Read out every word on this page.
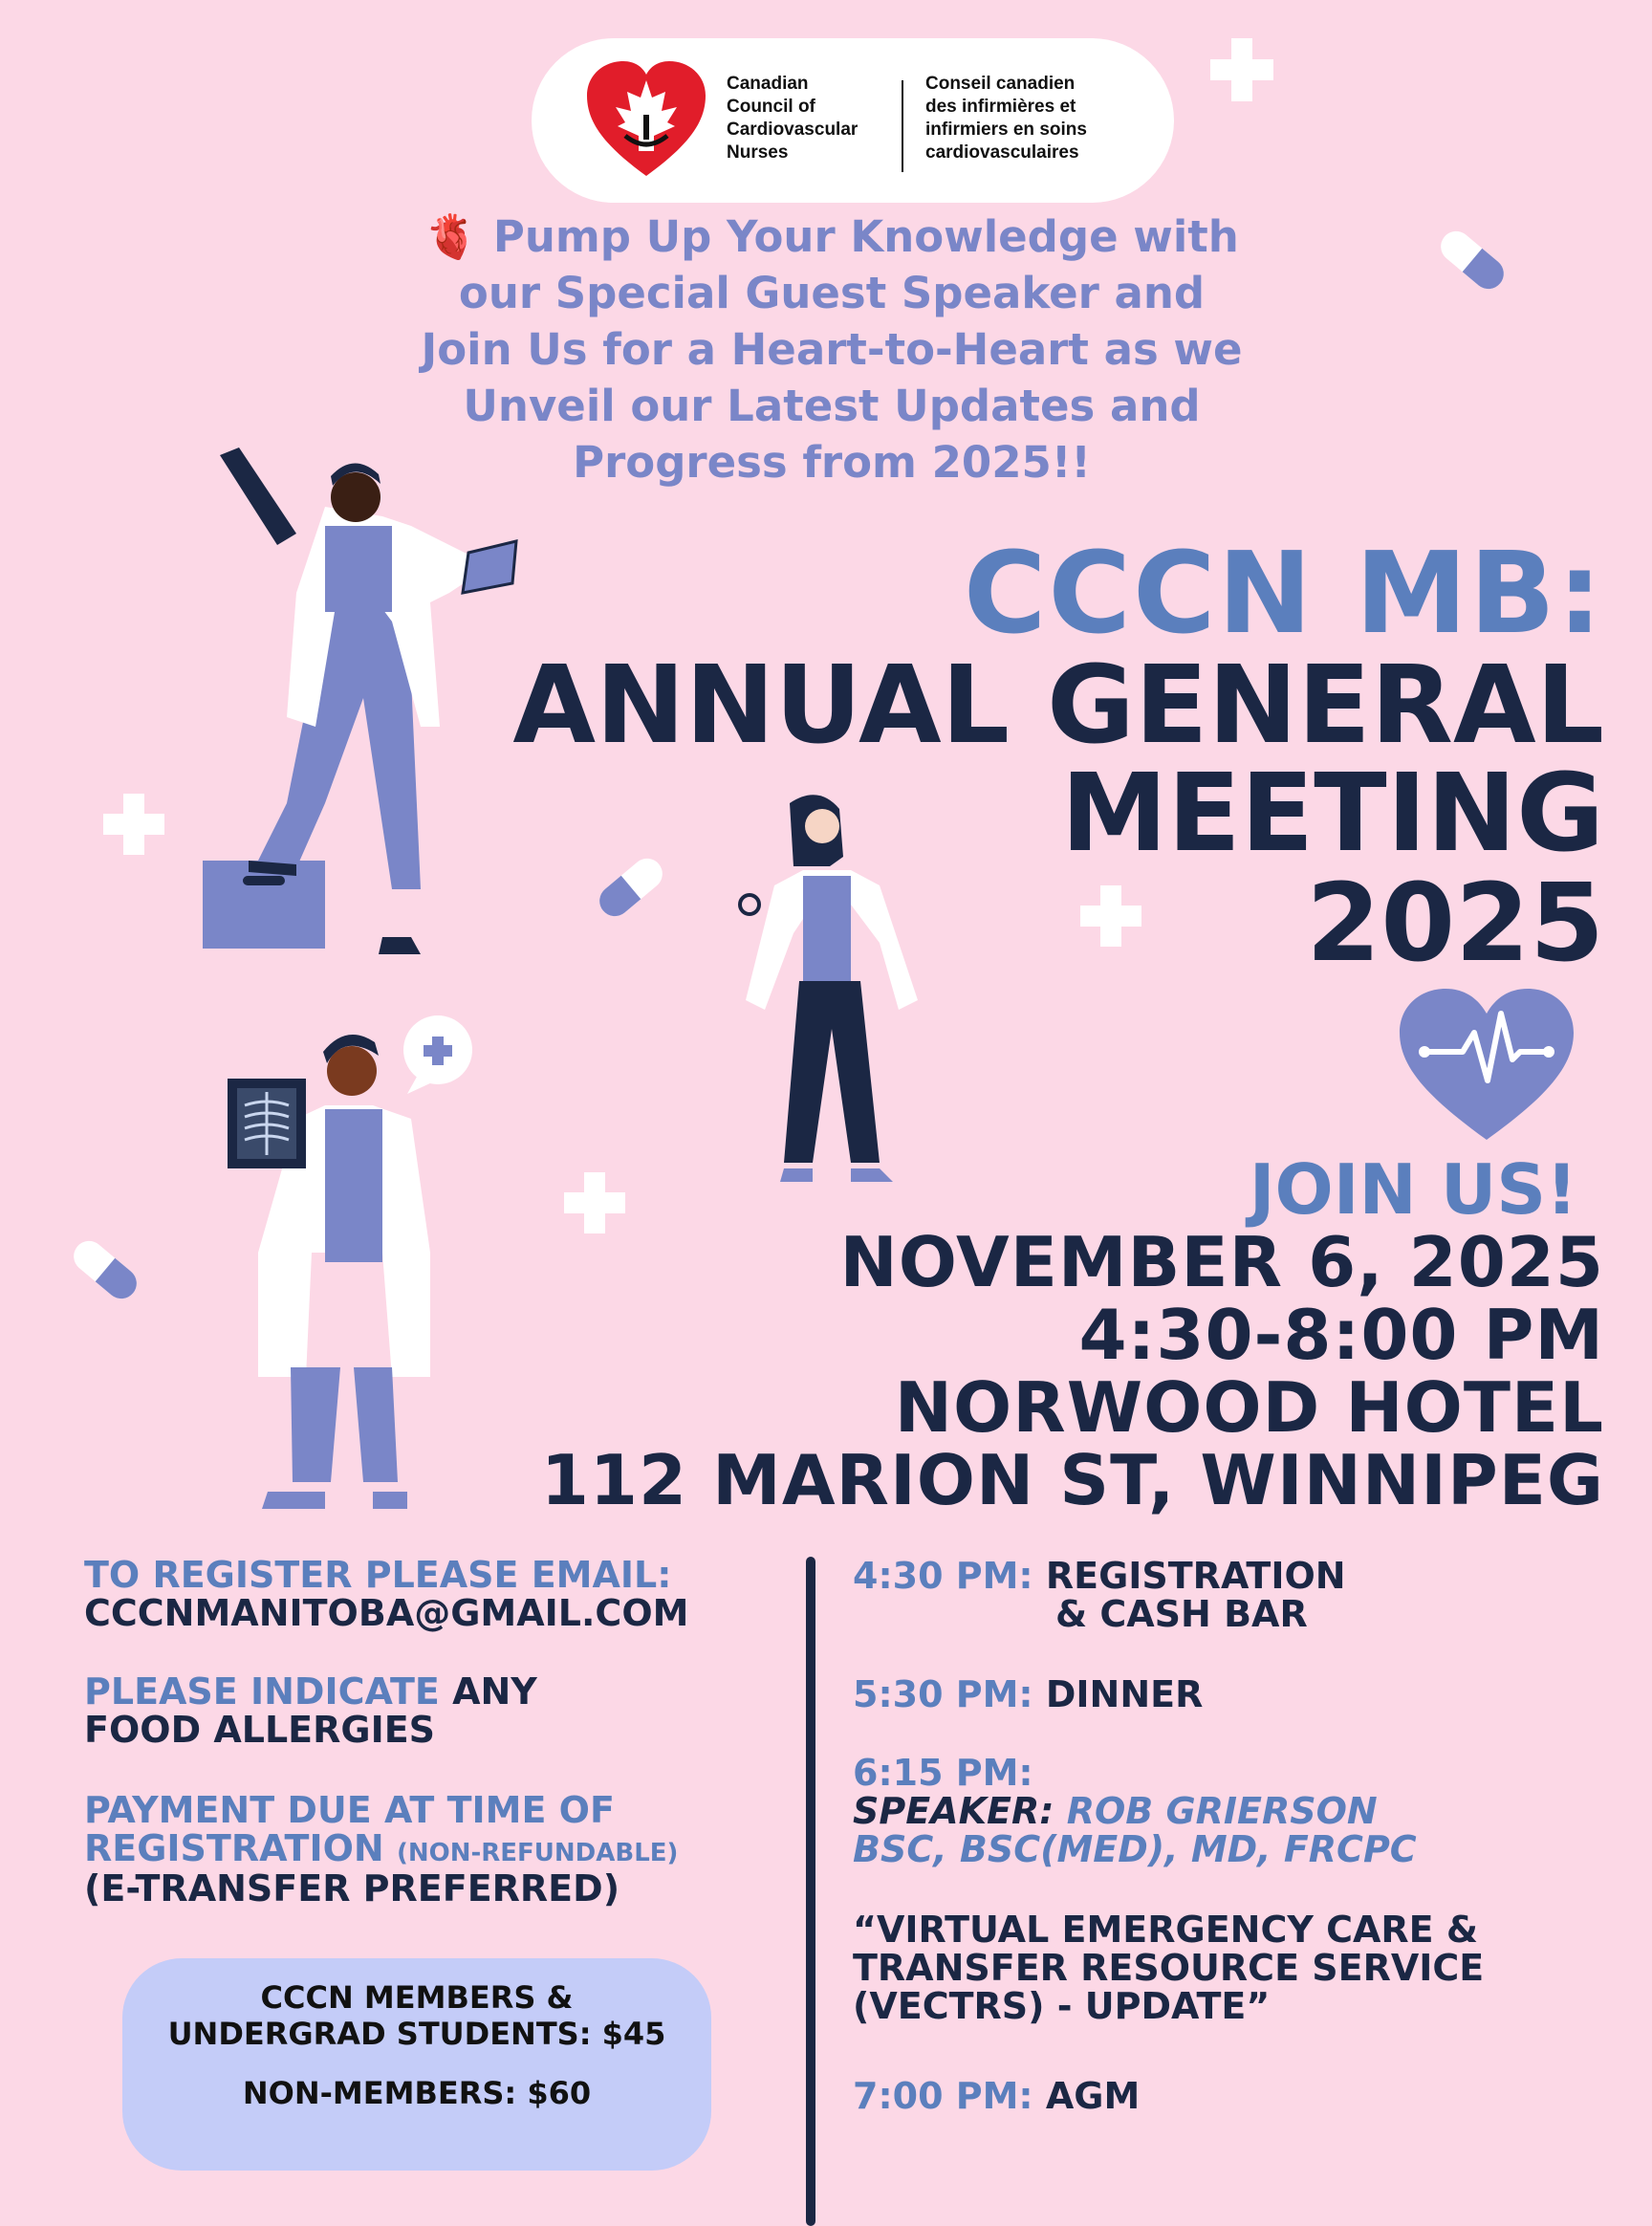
Canadian
Council of
Cardiovascular
Nurses
Conseil canadien
des infirmières et
infirmiers en soins
cardiovasculaires
🫀 Pump Up Your Knowledge with
our Special Guest Speaker and
Join Us for a Heart-to-Heart as we
Unveil our Latest Updates and
Progress from 2025!!
CCCN MB:
ANNUAL GENERAL
MEETING
2025
JOIN US!
NOVEMBER 6, 2025
4:30-8:00 PM
NORWOOD HOTEL
112 MARION ST, WINNIPEG
TO REGISTER PLEASE EMAIL:
CCCNMANITOBA@GMAIL.COM
PLEASE INDICATE ANY
FOOD ALLERGIES
PAYMENT DUE AT TIME OF
REGISTRATION (NON-REFUNDABLE)
(E-TRANSFER PREFERRED)
CCCN MEMBERS &
UNDERGRAD STUDENTS: $45
NON-MEMBERS: $60
4:30 PM: REGISTRATION
& CASH BAR
5:30 PM: DINNER
6:15 PM:
SPEAKER: ROB GRIERSON
BSC, BSC(MED), MD, FRCPC
“VIRTUAL EMERGENCY CARE &
TRANSFER RESOURCE SERVICE
(VECTRS) - UPDATE”
7:00 PM: AGM
